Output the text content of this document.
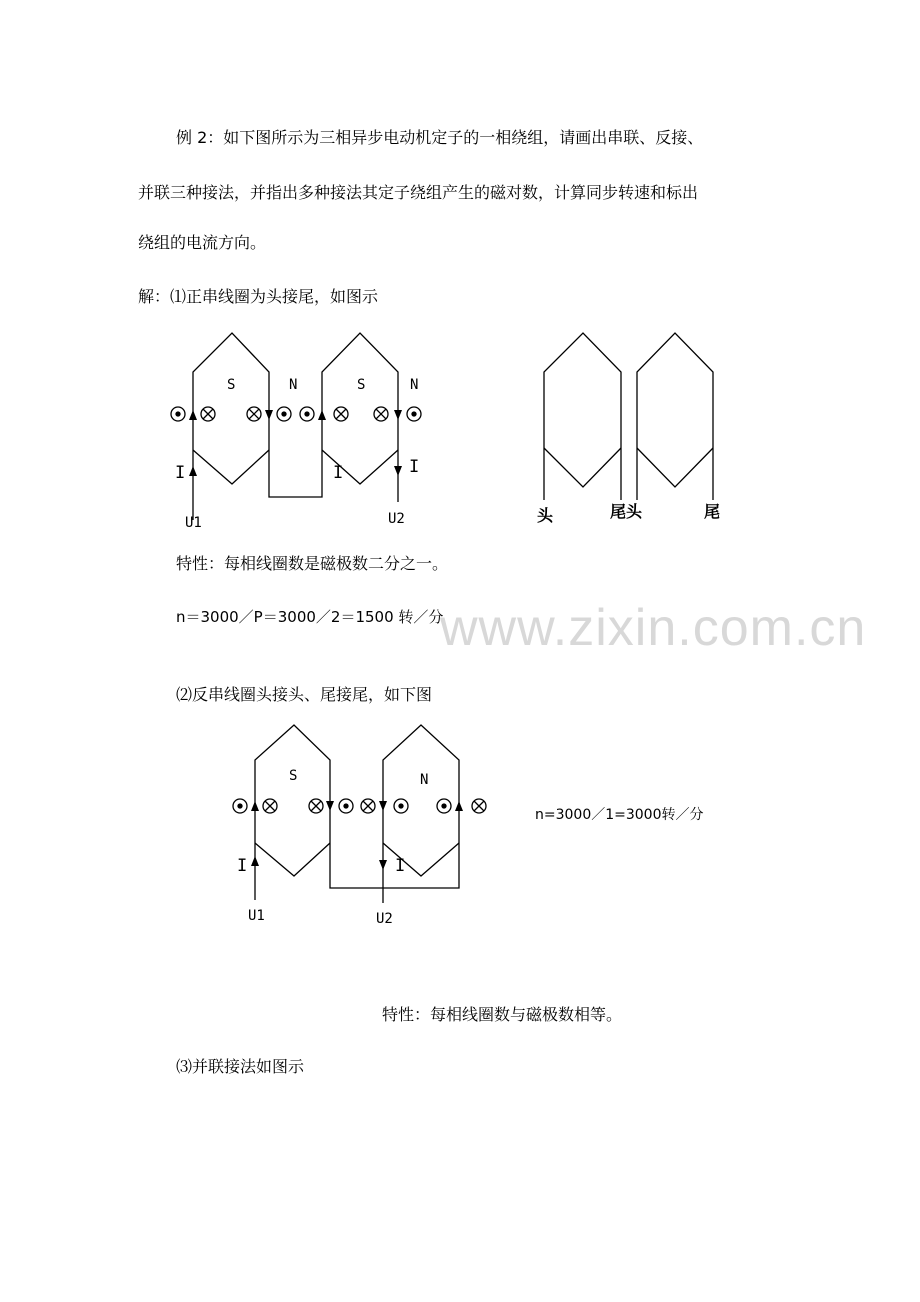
www.zixin.com.cn
例 2：如下图所示为三相异步电动机定子的一相绕组，请画出串联、反接、
并联三种接法，并指出多种接法其定子绕组产生的磁对数，计算同步转速和标出
绕组的电流方向。
解：⑴正串线圈为头接尾，如图示
S	N	S	N
I	I	I
U1	U2	头	尾头	尾
特性：每相线圈数是磁极数二分之一。
n＝3000／P＝3000／2＝1500 转／分
⑵反串线圈头接头、尾接尾，如下图
S	N
I	I
U1	U2
n=3000／1=3000转／分
特性：每相线圈数与磁极数相等。
⑶并联接法如图示
